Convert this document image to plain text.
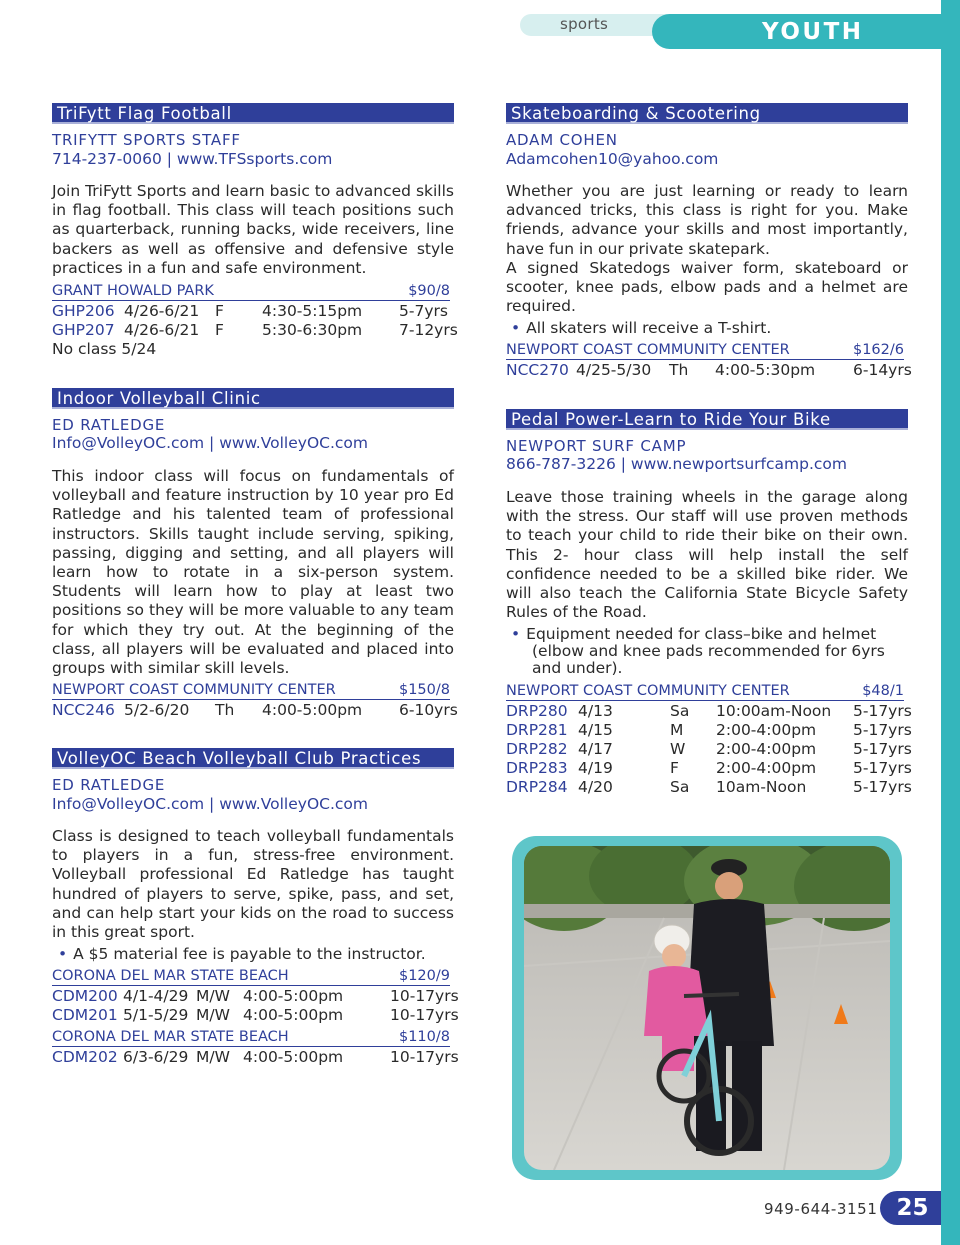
sports	YOUTH
TriFytt Flag Football
TRIFYTT SPORTS STAFF
714-237-0060 | www.TFSsports.com
Join TriFytt Sports and learn basic to advanced skills in flag football. This class will teach positions such as quarterback, running backs, wide receivers, line backers as well as offensive and defensive style practices in a fun and safe environment.
GRANT HOWALD PARK	$90/8
GHP206 4/26-6/21 F 4:30-5:15pm 5-7yrs
GHP207 4/26-6/21 F 5:30-6:30pm 7-12yrs
No class 5/24
Indoor Volleyball Clinic
ED RATLEDGE
Info@VolleyOC.com | www.VolleyOC.com
This indoor class will focus on fundamentals of volleyball and feature instruction by 10 year pro Ed Ratledge and his talented team of professional instructors. Skills taught include serving, spiking, passing, digging and setting, and all players will learn how to rotate in a six-person system. Students will learn how to play at least two positions so they will be more valuable to any team for which they try out. At the beginning of the class, all players will be evaluated and placed into groups with similar skill levels.
NEWPORT COAST COMMUNITY CENTER	$150/8
NCC246 5/2-6/20 Th 4:00-5:00pm 6-10yrs
VolleyOC Beach Volleyball Club Practices
ED RATLEDGE
Info@VolleyOC.com | www.VolleyOC.com
Class is designed to teach volleyball fundamentals to players in a fun, stress-free environment. Volleyball professional Ed Ratledge has taught hundred of players to serve, spike, pass, and set, and can help start your kids on the road to success in this great sport.
• A $5 material fee is payable to the instructor.
CORONA DEL MAR STATE BEACH	$120/9
CDM200 4/1-4/29 M/W 4:00-5:00pm	10-17yrs
CDM201 5/1-5/29 M/W 4:00-5:00pm	10-17yrs
CORONA DEL MAR STATE BEACH	$110/8
CDM202 6/3-6/29 M/W 4:00-5:00pm	10-17yrs
Skateboarding & Scootering
ADAM COHEN
Adamcohen10@yahoo.com
Whether you are just learning or ready to learn advanced tricks, this class is right for you. Make friends, advance your skills and most importantly, have fun in our private skatepark.
A signed Skatedogs waiver form, skateboard or scooter, knee pads, elbow pads and a helmet are required.
• All skaters will receive a T-shirt.
NEWPORT COAST COMMUNITY CENTER	$162/6
NCC270 4/25-5/30 Th 4:00-5:30pm 6-14yrs
Pedal Power-Learn to Ride Your Bike
NEWPORT SURF CAMP
866-787-3226 | www.newportsurfcamp.com
Leave those training wheels in the garage along with the stress. Our staff will use proven methods to teach your child to ride their bike on their own. This 2- hour class will help install the self confidence needed to be a skilled bike rider. We will also teach the California State Bicycle Safety Rules of the Road.
• Equipment needed for class–bike and helmet
(elbow and knee pads recommended for 6yrs
and under).
NEWPORT COAST COMMUNITY CENTER	$48/1
DRP280 4/13	Sa 10:00am-Noon 5-17yrs
DRP281 4/15	M 2:00-4:00pm 5-17yrs
DRP282 4/17	W 2:00-4:00pm 5-17yrs
DRP283 4/19	F 2:00-4:00pm 5-17yrs
DRP284 4/20	Sa 10am-Noon	5-17yrs
949-644-3151 25
